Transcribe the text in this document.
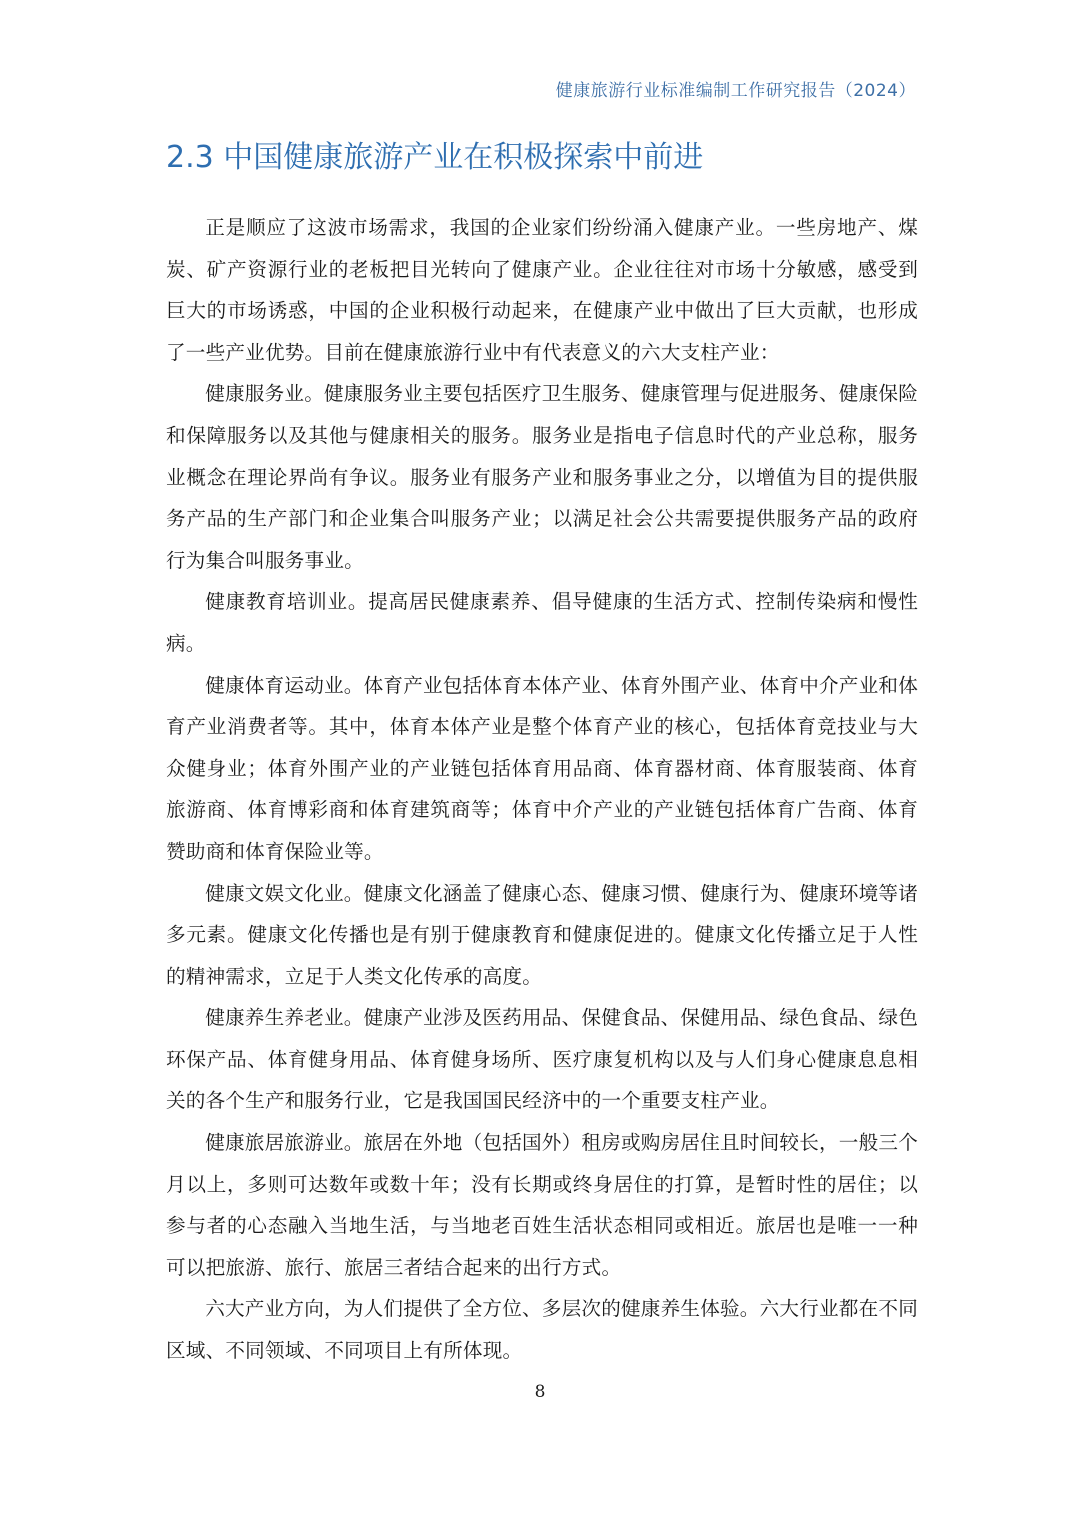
健康旅游行业标准编制工作研究报告（2024）
2.3 中国健康旅游产业在积极探索中前进

正是顺应了这波市场需求，我国的企业家们纷纷涌入健康产业。一些房地产、煤炭、矿产资源行业的老板把目光转向了健康产业。企业往往对市场十分敏感，感受到巨大的市场诱惑，中国的企业积极行动起来，在健康产业中做出了巨大贡献，也形成了一些产业优势。目前在健康旅游行业中有代表意义的六大支柱产业：

健康服务业。健康服务业主要包括医疗卫生服务、健康管理与促进服务、健康保险和保障服务以及其他与健康相关的服务。服务业是指电子信息时代的产业总称，服务业概念在理论界尚有争议。服务业有服务产业和服务事业之分，以增值为目的提供服务产品的生产部门和企业集合叫服务产业；以满足社会公共需要提供服务产品的政府行为集合叫服务事业。

健康教育培训业。提高居民健康素养、倡导健康的生活方式、控制传染病和慢性病。

健康体育运动业。体育产业包括体育本体产业、体育外围产业、体育中介产业和体育产业消费者等。其中，体育本体产业是整个体育产业的核心，包括体育竞技业与大众健身业；体育外围产业的产业链包括体育用品商、体育器材商、体育服装商、体育旅游商、体育博彩商和体育建筑商等；体育中介产业的产业链包括体育广告商、体育赞助商和体育保险业等。

健康文娱文化业。健康文化涵盖了健康心态、健康习惯、健康行为、健康环境等诸多元素。健康文化传播也是有别于健康教育和健康促进的。健康文化传播立足于人性的精神需求，立足于人类文化传承的高度。

健康养生养老业。健康产业涉及医药用品、保健食品、保健用品、绿色食品、绿色环保产品、体育健身用品、体育健身场所、医疗康复机构以及与人们身心健康息息相关的各个生产和服务行业，它是我国国民经济中的一个重要支柱产业。

健康旅居旅游业。旅居在外地（包括国外）租房或购房居住且时间较长，一般三个月以上，多则可达数年或数十年；没有长期或终身居住的打算，是暂时性的居住；以参与者的心态融入当地生活，与当地老百姓生活状态相同或相近。旅居也是唯一一种可以把旅游、旅行、旅居三者结合起来的出行方式。

六大产业方向，为人们提供了全方位、多层次的健康养生体验。六大行业都在不同区域、不同领域、不同项目上有所体现。

8
